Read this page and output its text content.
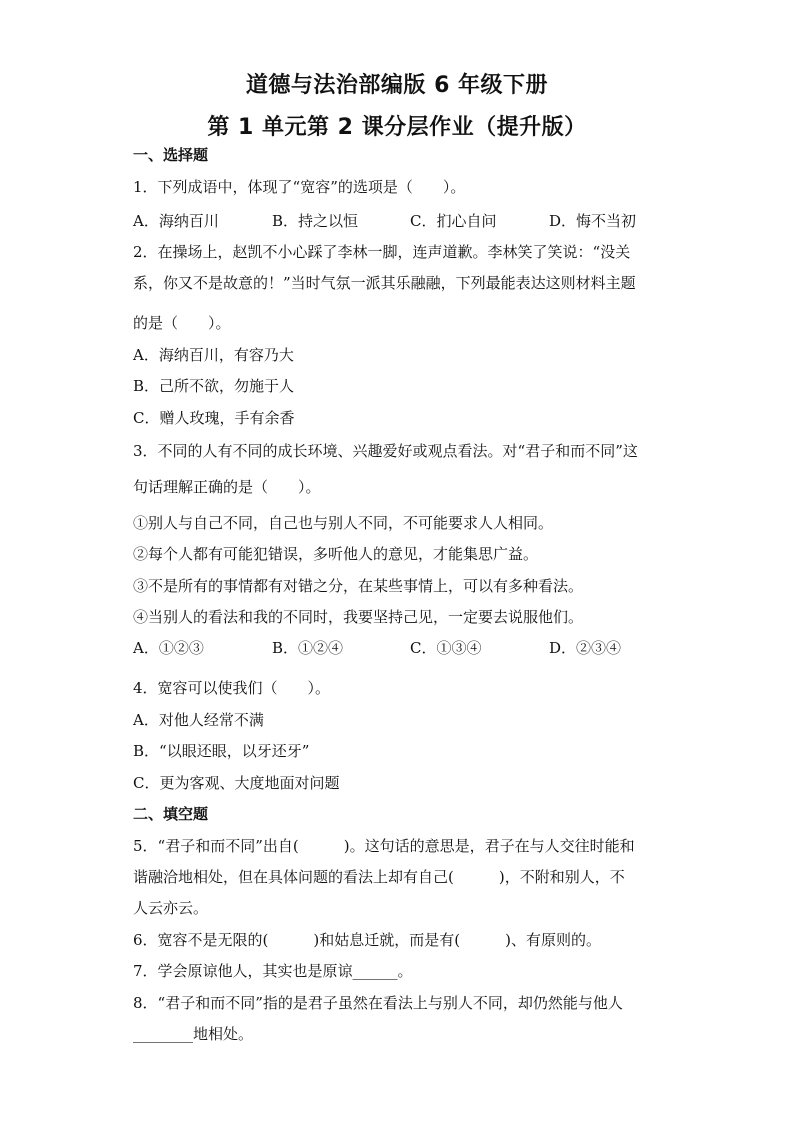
道德与法治部编版 6 年级下册
第 1 单元第 2 课分层作业（提升版）
一、选择题
1．下列成语中，体现了“宽容”的选项是（　　）。
A．海纳百川	B．持之以恒	C．扪心自问	D．悔不当初
2．在操场上，赵凯不小心踩了李林一脚，连声道歉。李林笑了笑说：“没关
系，你又不是故意的！”当时气氛一派其乐融融，下列最能表达这则材料主题
的是（　　）。
A．海纳百川，有容乃大
B．己所不欲，勿施于人
C．赠人玫瑰，手有余香
3．不同的人有不同的成长环境、兴趣爱好或观点看法。对“君子和而不同”这
句话理解正确的是（　　）。
①别人与自己不同，自己也与别人不同，不可能要求人人相同。
②每个人都有可能犯错误，多听他人的意见，才能集思广益。
③不是所有的事情都有对错之分，在某些事情上，可以有多种看法。
④当别人的看法和我的不同时，我要坚持己见，一定要去说服他们。
A．①②③	B．①②④	C．①③④	D．②③④
4．宽容可以使我们（　　）。
A．对他人经常不满
B．“以眼还眼，以牙还牙”
C．更为客观、大度地面对问题
二、填空题
5．“君子和而不同”出自(　　　)。这句话的意思是，君子在与人交往时能和
谐融洽地相处，但在具体问题的看法上却有自己(　　　)，不附和别人，不
人云亦云。
6．宽容不是无限的(　　　)和姑息迁就，而是有(　　　)、有原则的。
7．学会原谅他人，其实也是原谅______。
8．“君子和而不同”指的是君子虽然在看法上与别人不同，却仍然能与他人
________地相处。
